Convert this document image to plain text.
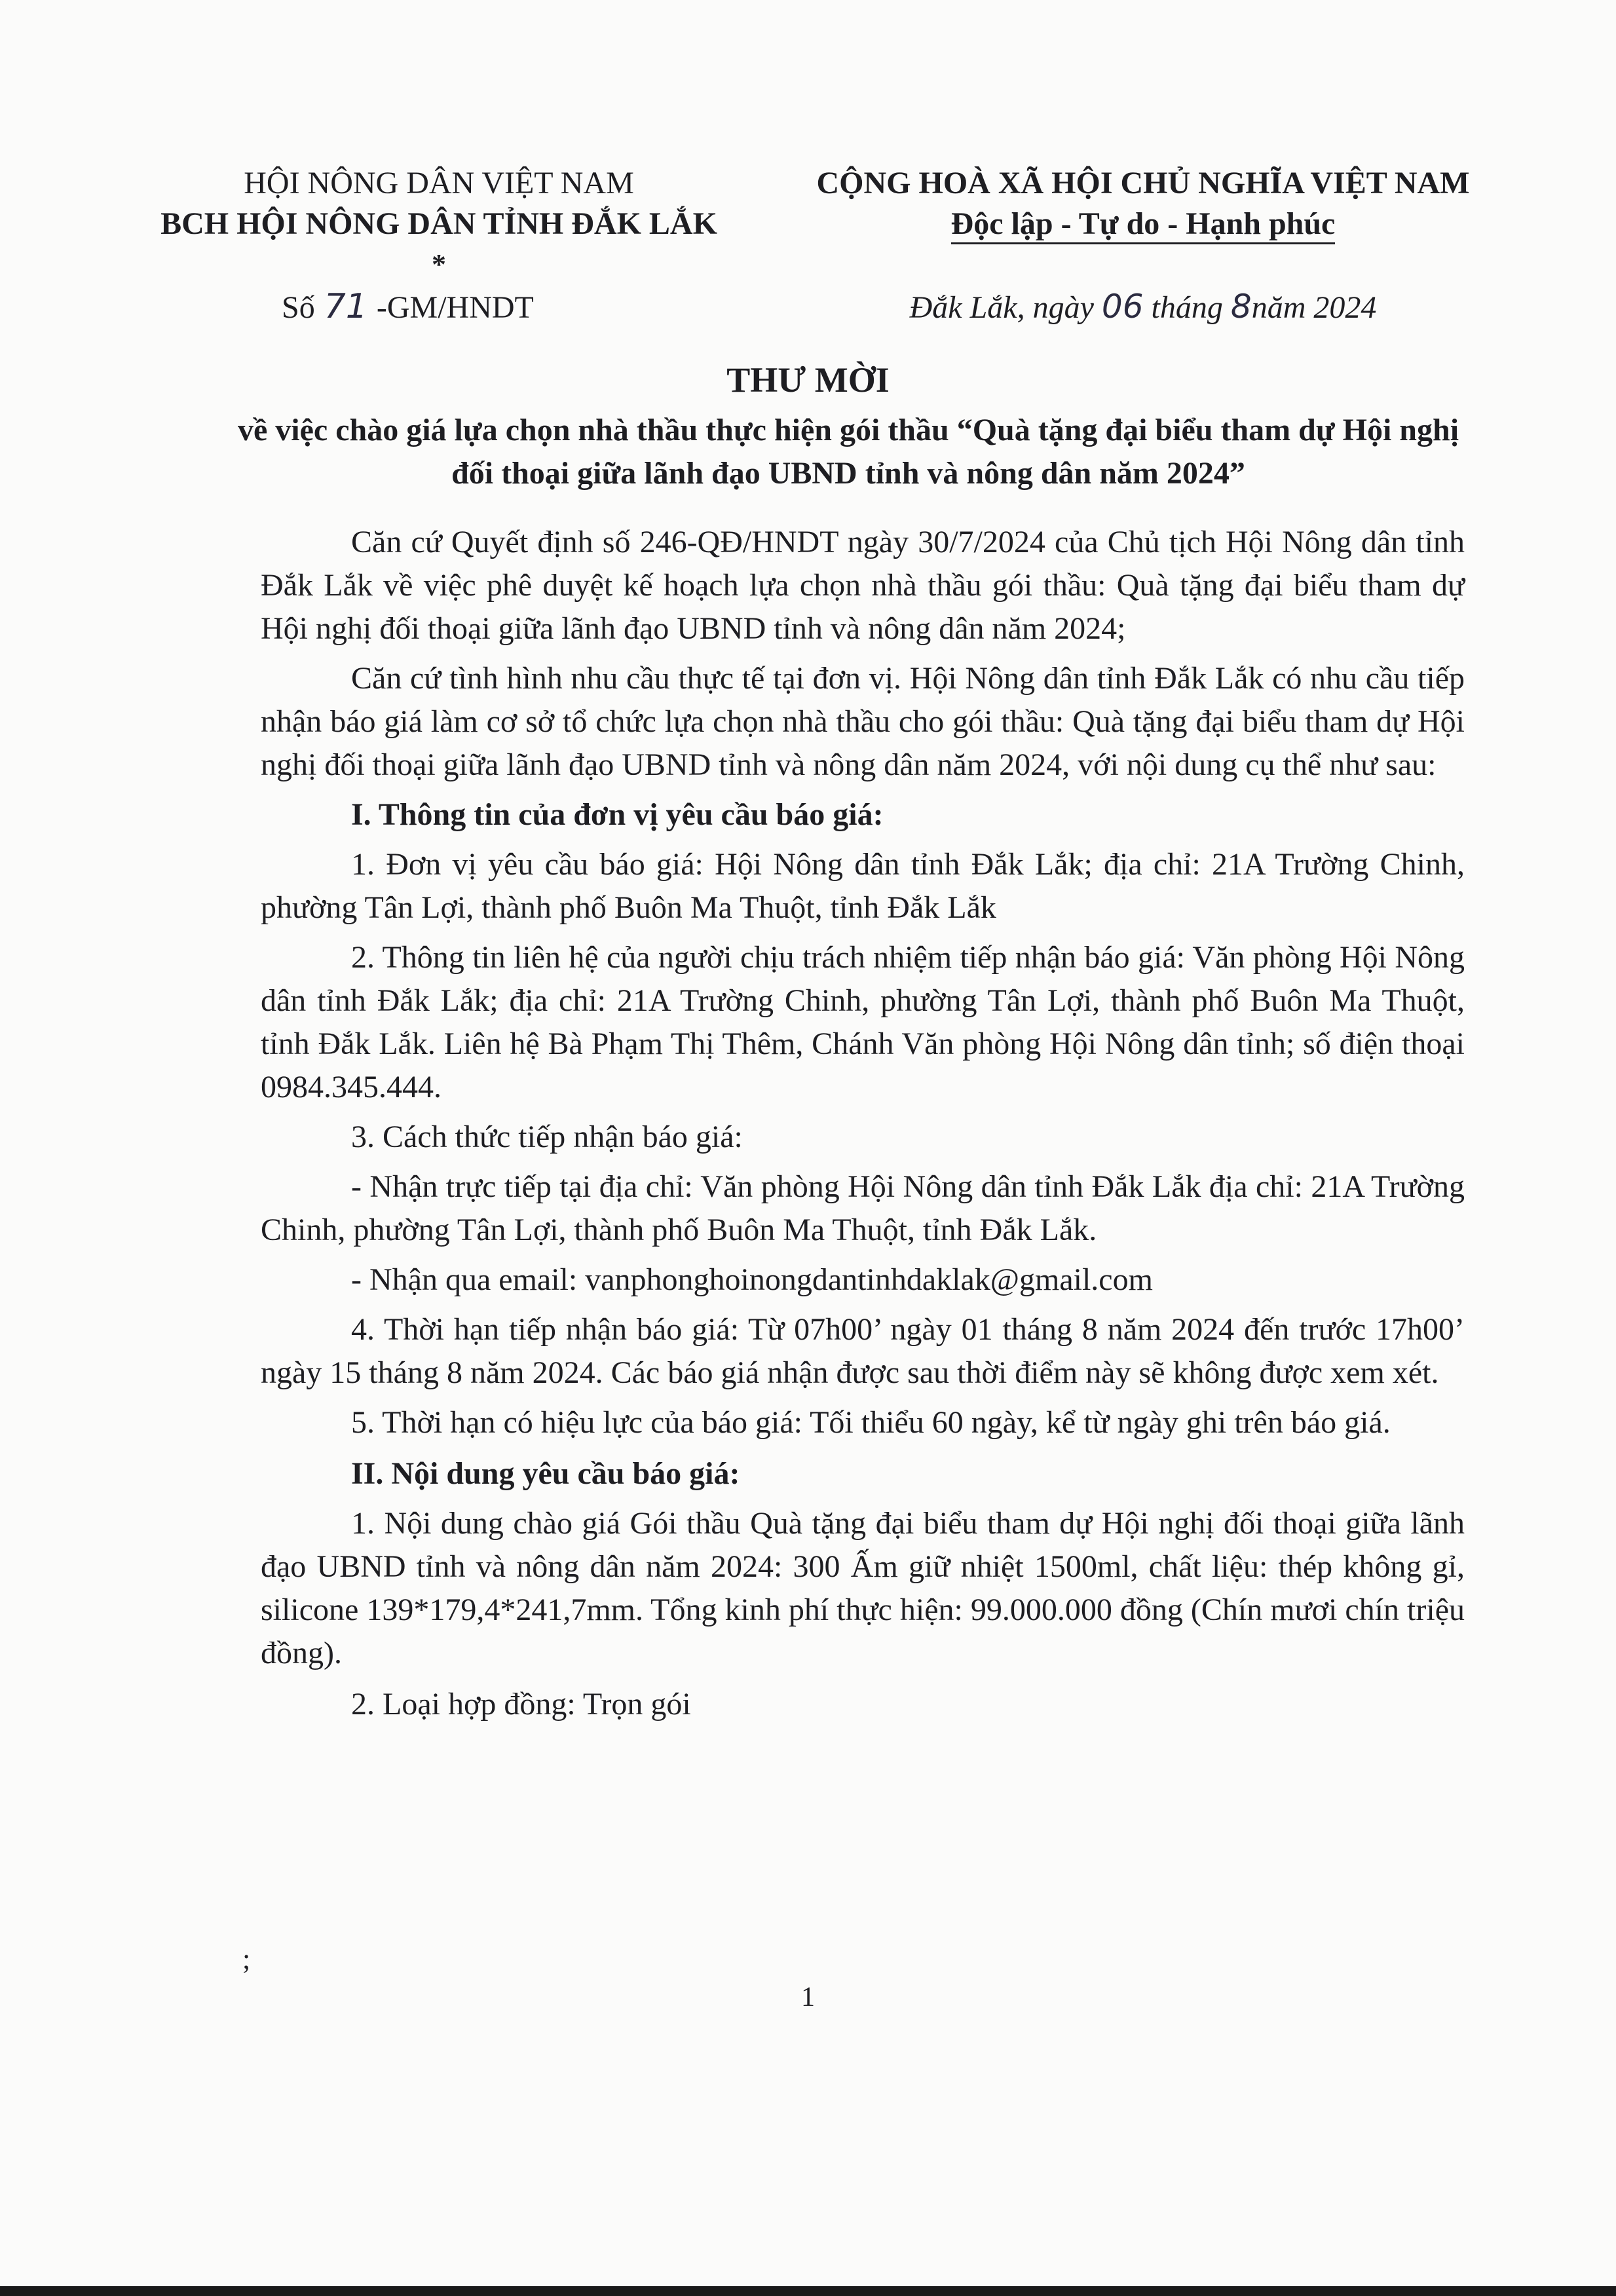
HỘI NÔNG DÂN VIỆT NAM
BCH HỘI NÔNG DÂN TỈNH ĐẮK LẮK
*
Số 71 -GM/HNDT
CỘNG HOÀ XÃ HỘI CHỦ NGHĨA VIỆT NAM
Độc lập - Tự do - Hạnh phúc
Đắk Lắk, ngày 06 tháng 8năm 2024
THƯ MỜI
về việc chào giá lựa chọn nhà thầu thực hiện gói thầu “Quà tặng đại biểu tham dự Hội nghị đối thoại giữa lãnh đạo UBND tỉnh và nông dân năm 2024”

Căn cứ Quyết định số 246-QĐ/HNDT ngày 30/7/2024 của Chủ tịch Hội Nông dân tỉnh Đắk Lắk về việc phê duyệt kế hoạch lựa chọn nhà thầu gói thầu: Quà tặng đại biểu tham dự Hội nghị đối thoại giữa lãnh đạo UBND tỉnh và nông dân năm 2024;

Căn cứ tình hình nhu cầu thực tế tại đơn vị. Hội Nông dân tỉnh Đắk Lắk có nhu cầu tiếp nhận báo giá làm cơ sở tổ chức lựa chọn nhà thầu cho gói thầu: Quà tặng đại biểu tham dự Hội nghị đối thoại giữa lãnh đạo UBND tỉnh và nông dân năm 2024, với nội dung cụ thể như sau:

I. Thông tin của đơn vị yêu cầu báo giá:

1. Đơn vị yêu cầu báo giá: Hội Nông dân tỉnh Đắk Lắk; địa chỉ: 21A Trường Chinh, phường Tân Lợi, thành phố Buôn Ma Thuột, tỉnh Đắk Lắk

2. Thông tin liên hệ của người chịu trách nhiệm tiếp nhận báo giá: Văn phòng Hội Nông dân tỉnh Đắk Lắk; địa chỉ: 21A Trường Chinh, phường Tân Lợi, thành phố Buôn Ma Thuột, tỉnh Đắk Lắk. Liên hệ Bà Phạm Thị Thêm, Chánh Văn phòng Hội Nông dân tỉnh; số điện thoại 0984.345.444.

3. Cách thức tiếp nhận báo giá:

- Nhận trực tiếp tại địa chỉ: Văn phòng Hội Nông dân tỉnh Đắk Lắk địa chỉ: 21A Trường Chinh, phường Tân Lợi, thành phố Buôn Ma Thuột, tỉnh Đắk Lắk.

- Nhận qua email: vanphonghoinongdantinhdaklak@gmail.com

4. Thời hạn tiếp nhận báo giá: Từ 07h00’ ngày 01 tháng 8 năm 2024 đến trước 17h00’ ngày 15 tháng 8 năm 2024. Các báo giá nhận được sau thời điểm này sẽ không được xem xét.

5. Thời hạn có hiệu lực của báo giá: Tối thiểu 60 ngày, kể từ ngày ghi trên báo giá.

II. Nội dung yêu cầu báo giá:

1. Nội dung chào giá Gói thầu Quà tặng đại biểu tham dự Hội nghị đối thoại giữa lãnh đạo UBND tỉnh và nông dân năm 2024: 300 Ấm giữ nhiệt 1500ml, chất liệu: thép không gỉ, silicone 139*179,4*241,7mm. Tổng kinh phí thực hiện: 99.000.000 đồng (Chín mươi chín triệu đồng).

2. Loại hợp đồng: Trọn gói

;
1
